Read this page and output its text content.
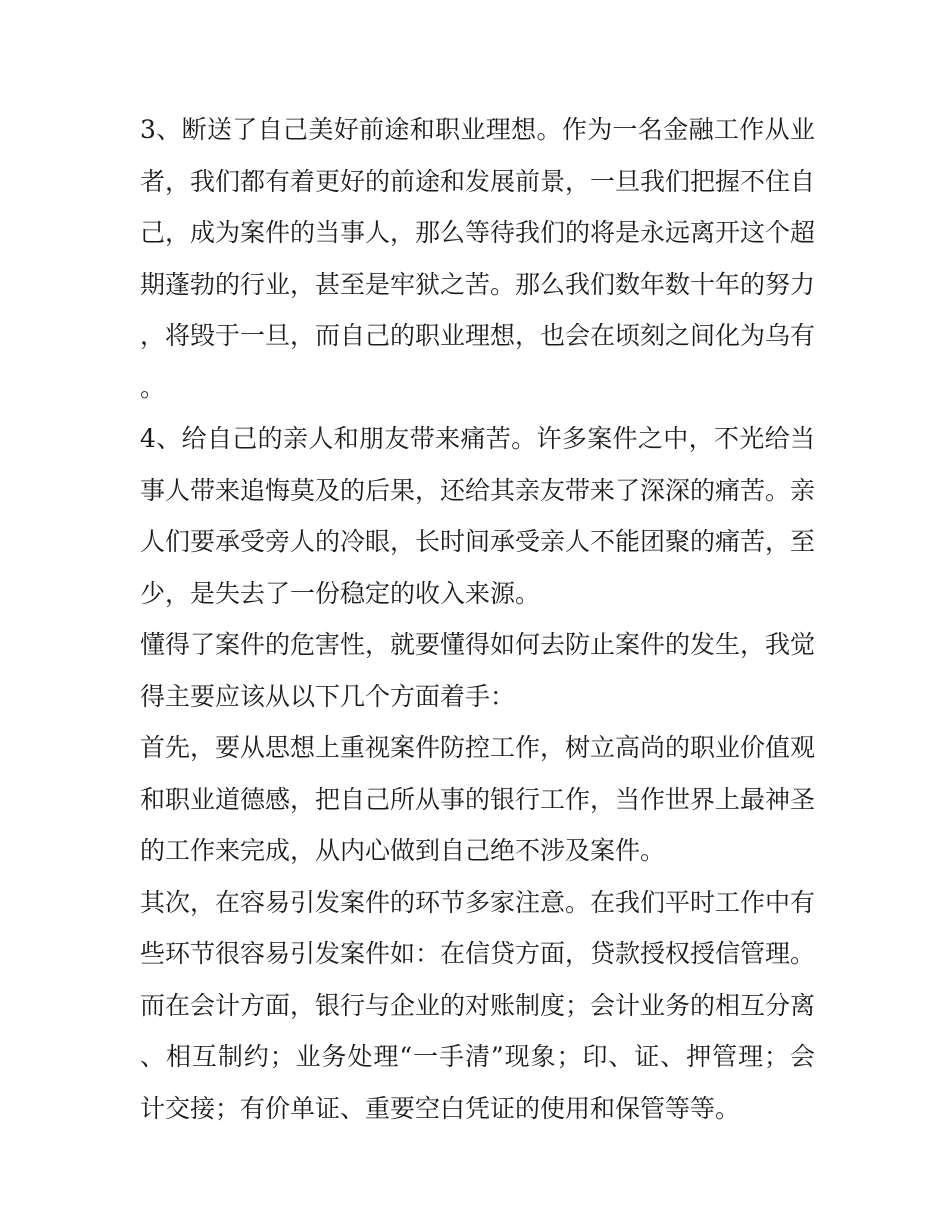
3、断送了自己美好前途和职业理想。作为一名金融工作从业者，我们都有着更好的前途和发展前景，一旦我们把握不住自己，成为案件的当事人，那么等待我们的将是永远离开这个超期蓬勃的行业，甚至是牢狱之苦。那么我们数年数十年的努力，将毁于一旦，而自己的职业理想，也会在顷刻之间化为乌有。

4、给自己的亲人和朋友带来痛苦。许多案件之中，不光给当事人带来追悔莫及的后果，还给其亲友带来了深深的痛苦。亲人们要承受旁人的冷眼，长时间承受亲人不能团聚的痛苦，至少，是失去了一份稳定的收入来源。

懂得了案件的危害性，就要懂得如何去防止案件的发生，我觉得主要应该从以下几个方面着手：

首先，要从思想上重视案件防控工作，树立高尚的职业价值观和职业道德感，把自己所从事的银行工作，当作世界上最神圣的工作来完成，从内心做到自己绝不涉及案件。

其次，在容易引发案件的环节多家注意。在我们平时工作中有些环节很容易引发案件如：在信贷方面，贷款授权授信管理。而在会计方面，银行与企业的对账制度；会计业务的相互分离、相互制约；业务处理“一手清”现象；印、证、押管理；会计交接；有价单证、重要空白凭证的使用和保管等等。
